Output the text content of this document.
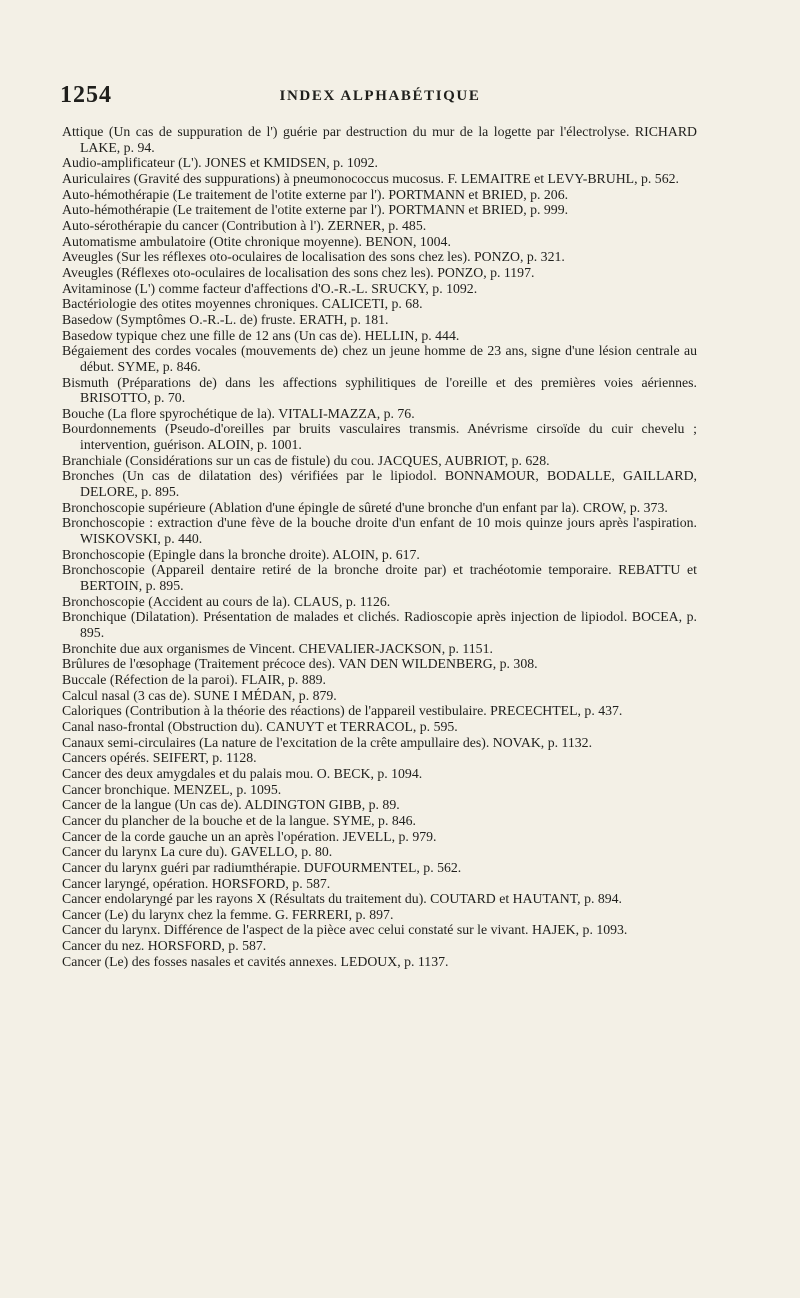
1254	INDEX ALPHABÉTIQUE

Attique (Un cas de suppuration de l') guérie par destruction du mur de la logette par l'électrolyse. RICHARD LAKE, p. 94.

Audio-amplificateur (L'). JONES et KMIDSEN, p. 1092.

Auriculaires (Gravité des suppurations) à pneumonococcus mucosus. F. LEMAITRE et LEVY-BRUHL, p. 562.

Auto-hémothérapie (Le traitement de l'otite externe par l'). PORTMANN et BRIED, p. 206.

Auto-hémothérapie (Le traitement de l'otite externe par l'). PORTMANN et BRIED, p. 999.

Auto-sérothérapie du cancer (Contribution à l'). ZERNER, p. 485.

Automatisme ambulatoire (Otite chronique moyenne). BENON, 1004.

Aveugles (Sur les réflexes oto-oculaires de localisation des sons chez les). PONZO, p. 321.

Aveugles (Réflexes oto-oculaires de localisation des sons chez les). PONZO, p. 1197.

Avitaminose (L') comme facteur d'affections d'O.-R.-L. SRUCKY, p. 1092.

Bactériologie des otites moyennes chroniques. CALICETI, p. 68.

Basedow (Symptômes O.-R.-L. de) fruste. ERATH, p. 181.

Basedow typique chez une fille de 12 ans (Un cas de). HELLIN, p. 444.

Bégaiement des cordes vocales (mouvements de) chez un jeune homme de 23 ans, signe d'une lésion centrale au début. SYME, p. 846.

Bismuth (Préparations de) dans les affections syphilitiques de l'oreille et des premières voies aériennes. BRISOTTO, p. 70.

Bouche (La flore spyrochétique de la). VITALI-MAZZA, p. 76.

Bourdonnements (Pseudo-d'oreilles par bruits vasculaires transmis. Anévrisme cirsoïde du cuir chevelu ; intervention, guérison. ALOIN, p. 1001.

Branchiale (Considérations sur un cas de fistule) du cou. JACQUES, AUBRIOT, p. 628.

Bronches (Un cas de dilatation des) vérifiées par le lipiodol. BONNAMOUR, BODALLE, GAILLARD, DELORE, p. 895.

Bronchoscopie supérieure (Ablation d'une épingle de sûreté d'une bronche d'un enfant par la). CROW, p. 373.

Bronchoscopie : extraction d'une fève de la bouche droite d'un enfant de 10 mois quinze jours après l'aspiration. WISKOVSKI, p. 440.

Bronchoscopie (Epingle dans la bronche droite). ALOIN, p. 617.

Bronchoscopie (Appareil dentaire retiré de la bronche droite par) et trachéotomie temporaire. REBATTU et BERTOIN, p. 895.

Bronchoscopie (Accident au cours de la). CLAUS, p. 1126.

Bronchique (Dilatation). Présentation de malades et clichés. Radioscopie après injection de lipiodol. BOCEA, p. 895.

Bronchite due aux organismes de Vincent. CHEVALIER-JACKSON, p. 1151.

Brûlures de l'œsophage (Traitement précoce des). VAN DEN WILDENBERG, p. 308.

Buccale (Réfection de la paroi). FLAIR, p. 889.

Calcul nasal (3 cas de). SUNE I MÉDAN, p. 879.

Caloriques (Contribution à la théorie des réactions) de l'appareil vestibulaire. PRECECHTEL, p. 437.

Canal naso-frontal (Obstruction du). CANUYT et TERRACOL, p. 595.

Canaux semi-circulaires (La nature de l'excitation de la crête ampullaire des). NOVAK, p. 1132.

Cancers opérés. SEIFERT, p. 1128.

Cancer des deux amygdales et du palais mou. O. BECK, p. 1094.

Cancer bronchique. MENZEL, p. 1095.

Cancer de la langue (Un cas de). ALDINGTON GIBB, p. 89.

Cancer du plancher de la bouche et de la langue. SYME, p. 846.

Cancer de la corde gauche un an après l'opération. JEVELL, p. 979.

Cancer du larynx La cure du). GAVELLO, p. 80.

Cancer du larynx guéri par radiumthérapie. DUFOURMENTEL, p. 562.

Cancer laryngé, opération. HORSFORD, p. 587.

Cancer endolaryngé par les rayons X (Résultats du traitement du). COUTARD et HAUTANT, p. 894.

Cancer (Le) du larynx chez la femme. G. FERRERI, p. 897.

Cancer du larynx. Différence de l'aspect de la pièce avec celui constaté sur le vivant. HAJEK, p. 1093.

Cancer du nez. HORSFORD, p. 587.

Cancer (Le) des fosses nasales et cavités annexes. LEDOUX, p. 1137.
